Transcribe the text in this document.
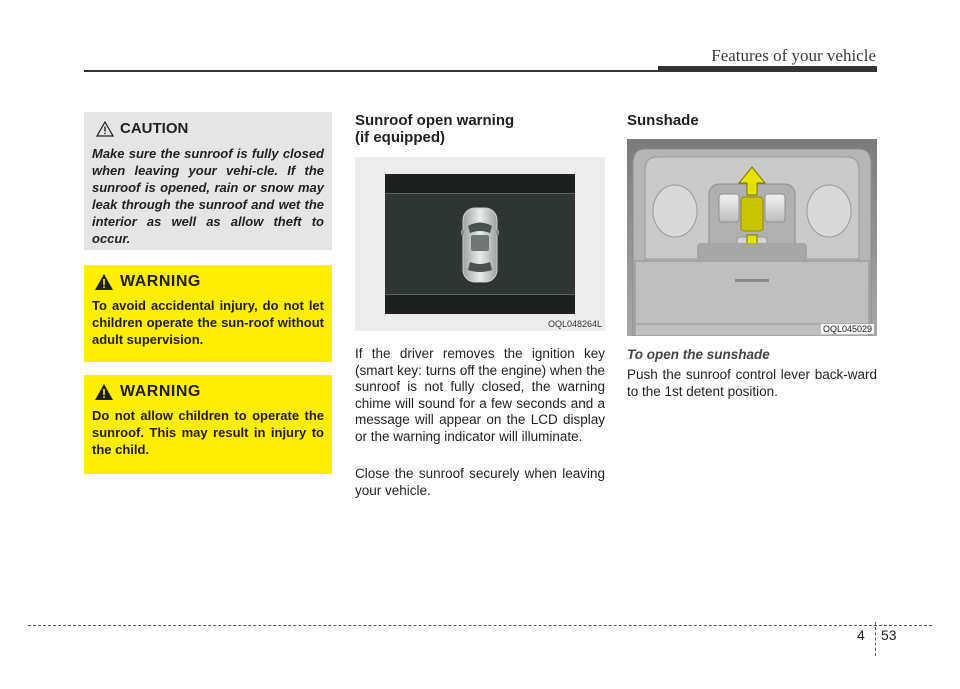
Features of your vehicle
CAUTION

Make sure the sunroof is fully closed when leaving your vehi-cle. If the sunroof is opened, rain or snow may leak through the sunroof and wet the interior as well as allow theft to occur.

WARNING

To avoid accidental injury, do not let children operate the sun-roof without adult supervision.

WARNING

Do not allow children to operate the sunroof. This may result in injury to the child.

Sunroof open warning
(if equipped)
OQL048264L

If the driver removes the ignition key (smart key: turns off the engine) when the sunroof is not fully closed, the warning chime will sound for a few seconds and a message will appear on the LCD display or the warning indicator will illuminate.

Close the sunroof securely when leaving your vehicle.

Sunshade
OQL045029
To open the sunshade

Push the sunroof control lever back-ward to the 1st detent position.

4 53
